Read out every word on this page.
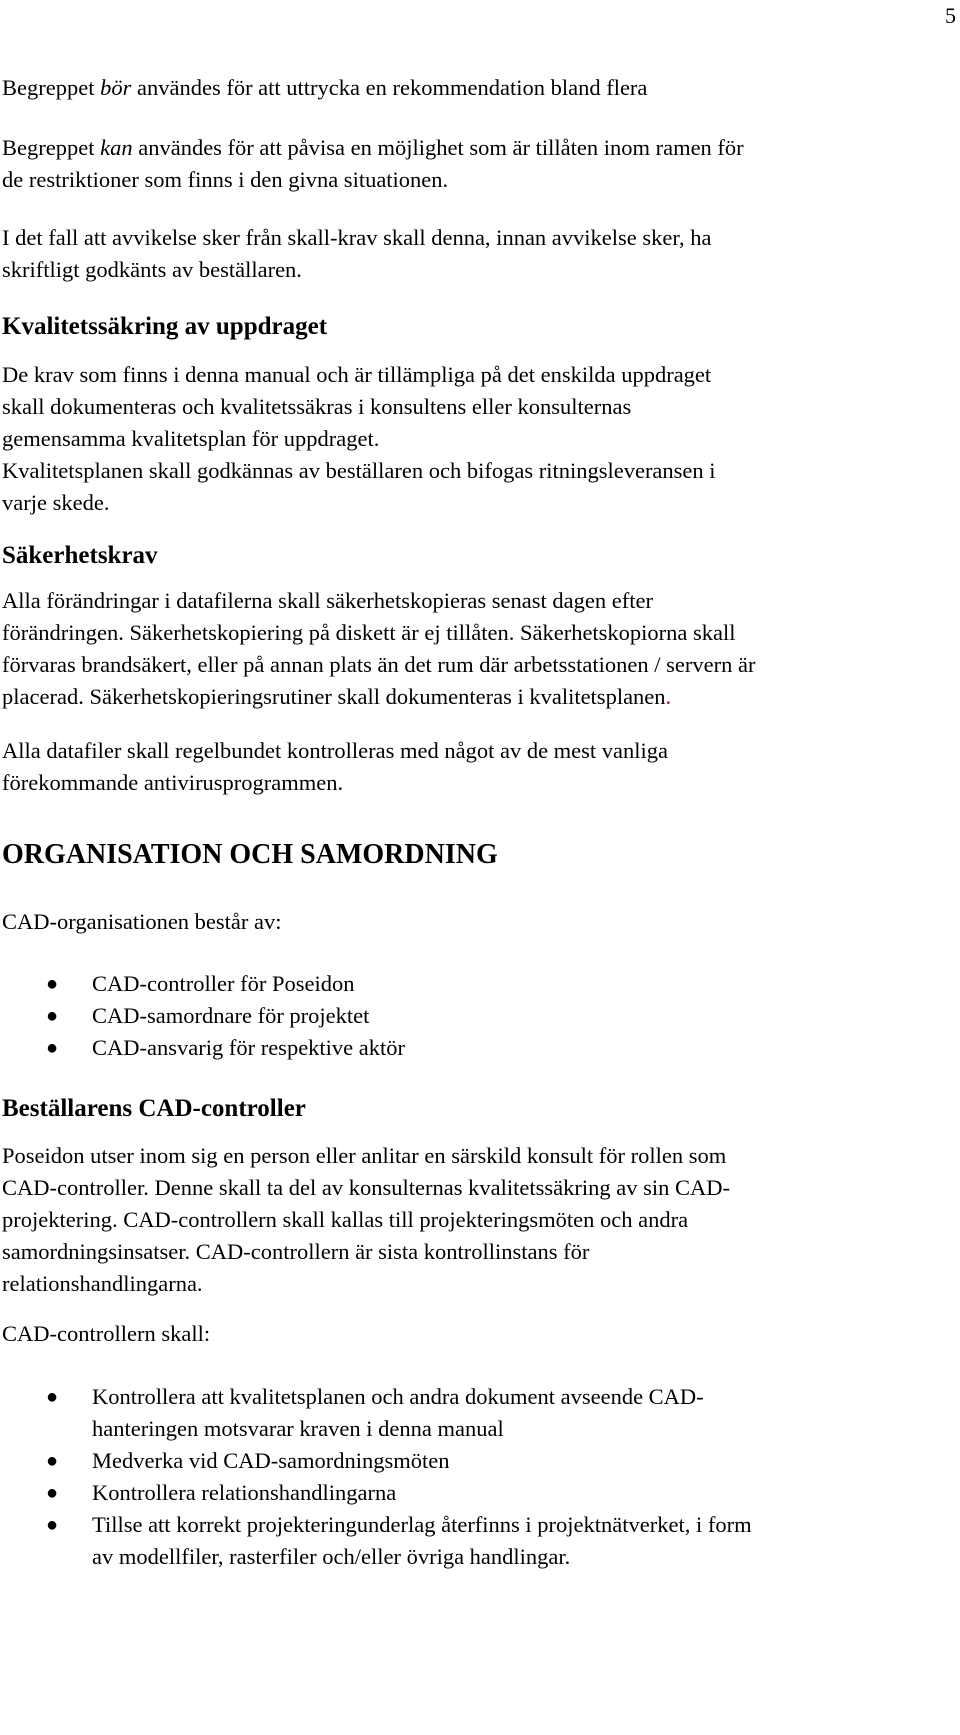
5

Begreppet bör användes för att uttrycka en rekommendation bland flera

Begreppet kan användes för att påvisa en möjlighet som är tillåten inom ramen för

de restriktioner som finns i den givna situationen.

I det fall att avvikelse sker från skall-krav skall denna, innan avvikelse sker, ha

skriftligt godkänts av beställaren.

Kvalitetssäkring av uppdraget

De krav som finns i denna manual och är tillämpliga på det enskilda uppdraget

skall dokumenteras och kvalitetssäkras i konsultens eller konsulternas

gemensamma kvalitetsplan för uppdraget.

Kvalitetsplanen skall godkännas av beställaren och bifogas ritningsleveransen i

varje skede.

Säkerhetskrav

Alla förändringar i datafilerna skall säkerhetskopieras senast dagen efter

förändringen. Säkerhetskopiering på diskett är ej tillåten. Säkerhetskopiorna skall

förvaras brandsäkert, eller på annan plats än det rum där arbetsstationen / servern är

placerad. Säkerhetskopieringsrutiner skall dokumenteras i kvalitetsplanen.

Alla datafiler skall regelbundet kontrolleras med något av de mest vanliga

förekommande antivirusprogrammen.

ORGANISATION OCH SAMORDNING
CAD-organisationen består av:
● CAD-controller för Poseidon
● CAD-samordnare för projektet
● CAD-ansvarig för respektive aktör
Beställarens CAD-controller

Poseidon utser inom sig en person eller anlitar en särskild konsult för rollen som

CAD-controller. Denne skall ta del av konsulternas kvalitetssäkring av sin CAD-

projektering. CAD-controllern skall kallas till projekteringsmöten och andra

samordningsinsatser. CAD-controllern är sista kontrollinstans för

relationshandlingarna.

CAD-controllern skall:
● Kontrollera att kvalitetsplanen och andra dokument avseende CAD-
hanteringen motsvarar kraven i denna manual
● Medverka vid CAD-samordningsmöten
● Kontrollera relationshandlingarna
● Tillse att korrekt projekteringunderlag återfinns i projektnätverket, i form
av modellfiler, rasterfiler och/eller övriga handlingar.
